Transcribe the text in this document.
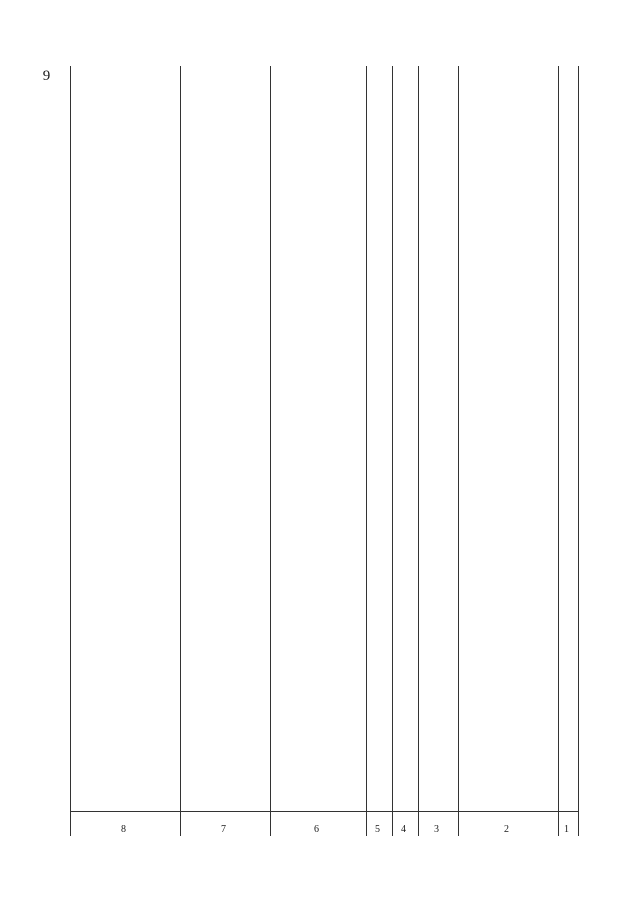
9
1
2
3
4
5
6
7
8
